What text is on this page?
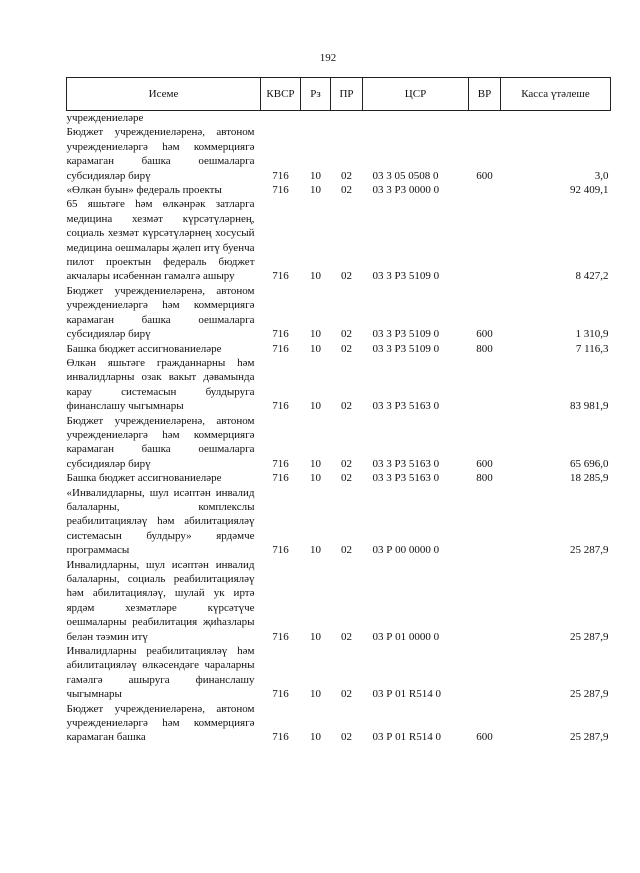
192
Исеме	КВСР	Рз	ПР	ЦСР	ВР	Касса үтәлеше
учреждениеләре						
Бюджет учреждениеләренә, автоном учреждениеләргә һәм коммерциягә карамаган башка оешмаларга субсидияләр бирү	716	10	02	03 3 05 0508 0	600	3,0
«Өлкән буын» федераль проекты	716	10	02	03 3 P3 0000 0		92 409,1
65 яшьтәге һәм өлкәнрәк затларга медицина хезмәт күрсәтүләрнең, социаль хезмәт күрсәтүләрнең хосусый медицина оешмалары җәлеп итү буенча пилот проектын федераль бюджет акчалары исәбеннән гамәлгә ашыру	716	10	02	03 3 P3 5109 0		8 427,2
Бюджет учреждениеләренә, автоном учреждениеләргә һәм коммерциягә карамаган башка оешмаларга субсидияләр бирү	716	10	02	03 3 P3 5109 0	600	1 310,9
Башка бюджет ассигнованиеләре	716	10	02	03 3 P3 5109 0	800	7 116,3
Өлкән яшьтәге гражданнарны һәм инвалидларны озак вакыт дәвамында карау системасын булдыруга финанслашу чыгымнары	716	10	02	03 3 P3 5163 0		83 981,9
Бюджет учреждениеләренә, автоном учреждениеләргә һәм коммерциягә карамаган башка оешмаларга субсидияләр бирү	716	10	02	03 3 P3 5163 0	600	65 696,0
Башка бюджет ассигнованиеләре	716	10	02	03 3 P3 5163 0	800	18 285,9
«Инвалидларны, шул исәптән инвалид балаларны, комплекслы реабилитацияләү һәм абилитацияләү системасын булдыру» ярдәмче программасы	716	10	02	03 Р 00 0000 0		25 287,9
Инвалидларны, шул исәптән инвалид балаларны, социаль реабилитацияләү һәм абилитацияләү, шулай ук иртә ярдәм хезмәтләре күрсәтүче оешмаларны реабилитация җиһазлары белән тәэмин итү	716	10	02	03 Р 01 0000 0		25 287,9
Инвалидларны реабилитацияләү һәм абилитацияләү өлкәсендәге чараларны гамәлгә ашыруга финанслашу чыгымнары	716	10	02	03 Р 01 R514 0		25 287,9
Бюджет учреждениеләренә, автоном учреждениеләргә һәм коммерциягә карамаган башка	716	10	02	03 Р 01 R514 0	600	25 287,9
